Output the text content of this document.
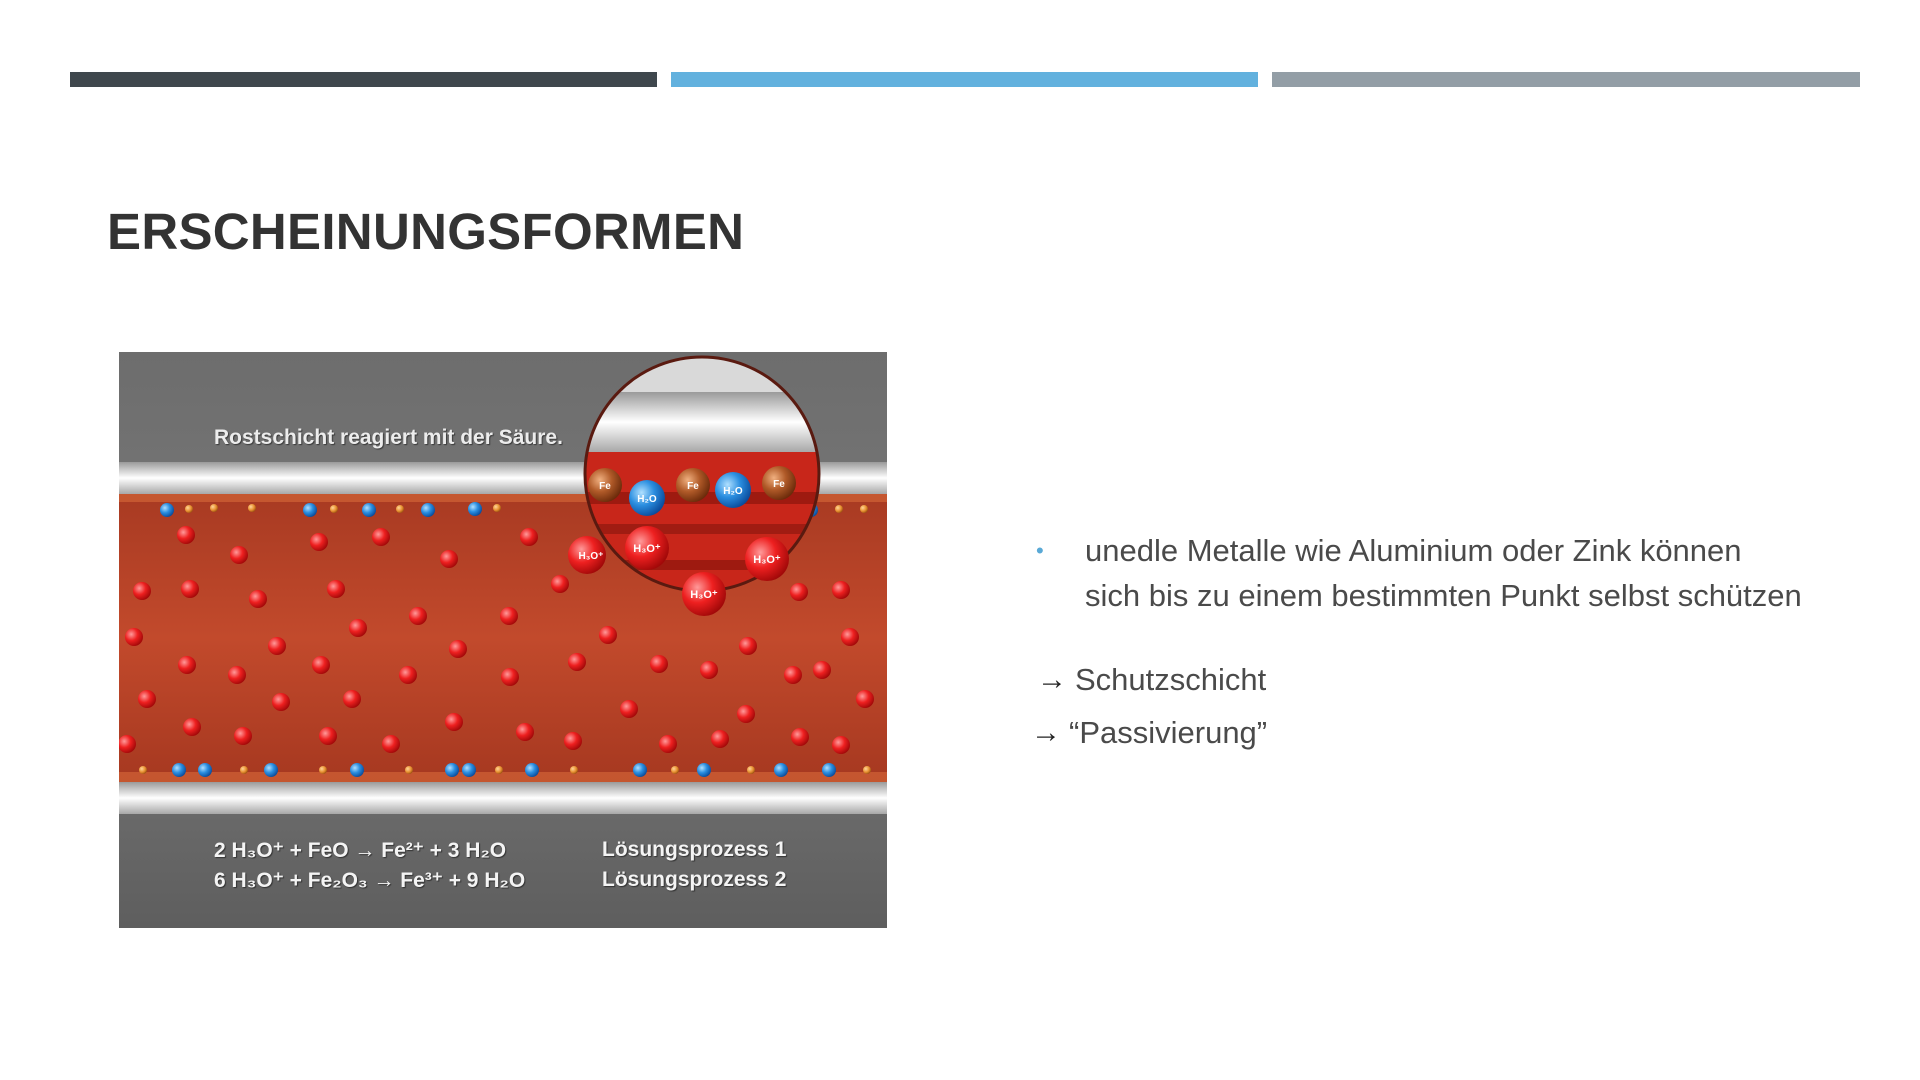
ERSCHEINUNGSFORMEN
Fe
H₂O
Fe H₂O
Fe
H₃O⁺
H₃O⁺
H₃O⁺
H₃O⁺
Rostschicht reagiert mit der Säure.
2 H₃O⁺ + FeO → Fe²⁺ + 3 H₂O
6 H₃O⁺ + Fe₂O₃ → Fe³⁺ + 9 H₂O
Lösungsprozess 1
Lösungsprozess 2
• unedle Metalle wie Aluminium oder Zink können sich bis zu einem bestimmten Punkt selbst schützen

→ Schutzschicht
→ “Passivierung”
